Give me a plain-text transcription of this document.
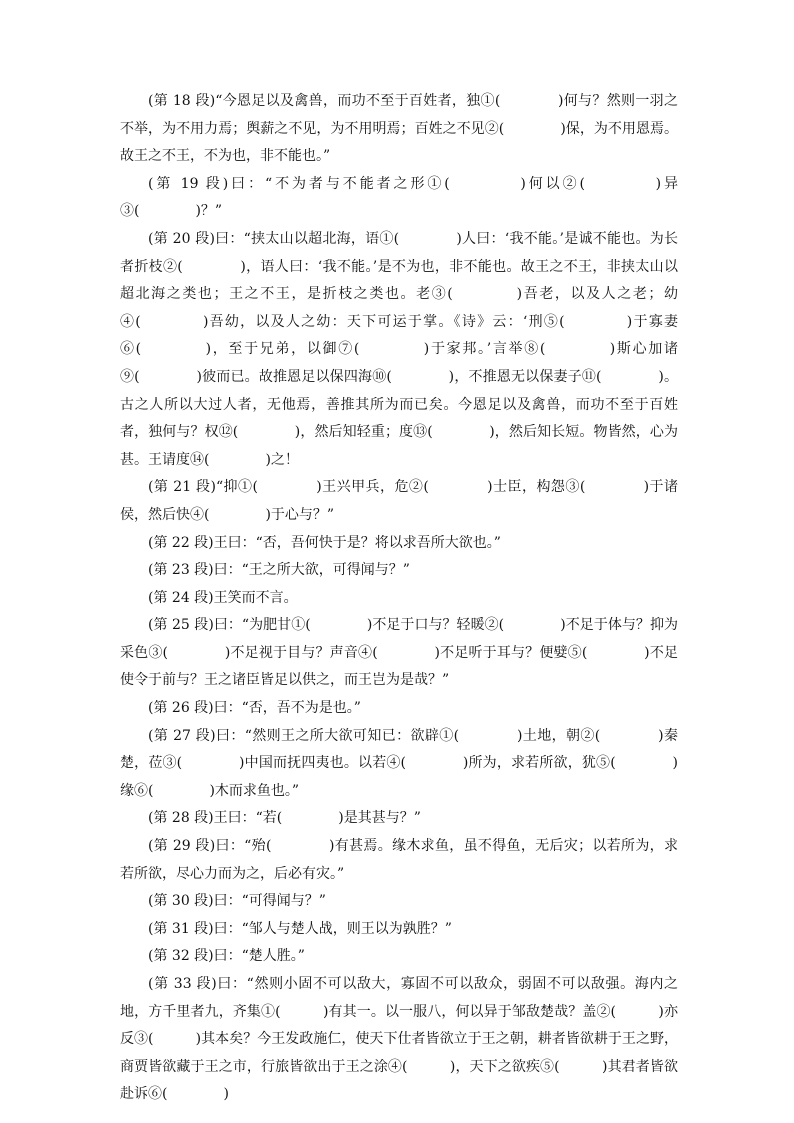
(第 18 段)“今恩足以及禽兽，而功不至于百姓者，独①(　　　　)何与？然则一羽之不举，为不用力焉；舆薪之不见，为不用明焉；百姓之不见②(　　　　)保，为不用恩焉。故王之不王，不为也，非不能也。”

(第 19 段)曰：“不为者与不能者之形①(　　　　)何以②(　　　　)异③(　　　　)？”

(第 20 段)曰：“挟太山以超北海，语①(　　　　)人曰：‘我不能。’是诚不能也。为长者折枝②(　　　　)，语人曰：‘我不能。’是不为也，非不能也。故王之不王，非挟太山以超北海之类也；王之不王，是折枝之类也。老③(　　　　)吾老，以及人之老；幼④(　　　　)吾幼，以及人之幼：天下可运于掌。《诗》云：‘刑⑤(　　　　)于寡妻⑥(　　　　)，至于兄弟，以御⑦(　　　　)于家邦。’言举⑧(　　　　)斯心加诸⑨(　　　　)彼而已。故推恩足以保四海⑩(　　　　)，不推恩无以保妻子⑪(　　　　)。古之人所以大过人者，无他焉，善推其所为而已矣。今恩足以及禽兽，而功不至于百姓者，独何与？权⑫(　　　　)，然后知轻重；度⑬(　　　　)，然后知长短。物皆然，心为甚。王请度⑭(　　　　)之！

(第 21 段)“抑①(　　　　)王兴甲兵，危②(　　　　)士臣，构怨③(　　　　)于诸侯，然后快④(　　　　)于心与？”

(第 22 段)王曰：“否，吾何快于是？将以求吾所大欲也。”

(第 23 段)曰：“王之所大欲，可得闻与？”

(第 24 段)王笑而不言。

(第 25 段)曰：“为肥甘①(　　　　)不足于口与？轻暖②(　　　　)不足于体与？抑为采色③(　　　　)不足视于目与？声音④(　　　　)不足听于耳与？便嬖⑤(　　　　)不足使令于前与？王之诸臣皆足以供之，而王岂为是哉？”

(第 26 段)曰：“否，吾不为是也。”

(第 27 段)曰：“然则王之所大欲可知已：欲辟①(　　　　)土地，朝②(　　　　)秦楚，莅③(　　　　)中国而抚四夷也。以若④(　　　　)所为，求若所欲，犹⑤(　　　　)缘⑥(　　　　)木而求鱼也。”

(第 28 段)王曰：“若(　　　　)是其甚与？”

(第 29 段)曰：“殆(　　　　)有甚焉。缘木求鱼，虽不得鱼，无后灾；以若所为，求若所欲，尽心力而为之，后必有灾。”

(第 30 段)曰：“可得闻与？”

(第 31 段)曰：“邹人与楚人战，则王以为孰胜？”

(第 32 段)曰：“楚人胜。”

(第 33 段)曰：“然则小固不可以敌大，寡固不可以敌众，弱固不可以敌强。海内之地，方千里者九，齐集①(　　　)有其一。以一服八，何以异于邹敌楚哉？盖②(　　　)亦反③(　　　)其本矣？今王发政施仁，使天下仕者皆欲立于王之朝，耕者皆欲耕于王之野，商贾皆欲藏于王之市，行旅皆欲出于王之涂④(　　　)，天下之欲疾⑤(　　　)其君者皆欲赴诉⑥(　　　　)
